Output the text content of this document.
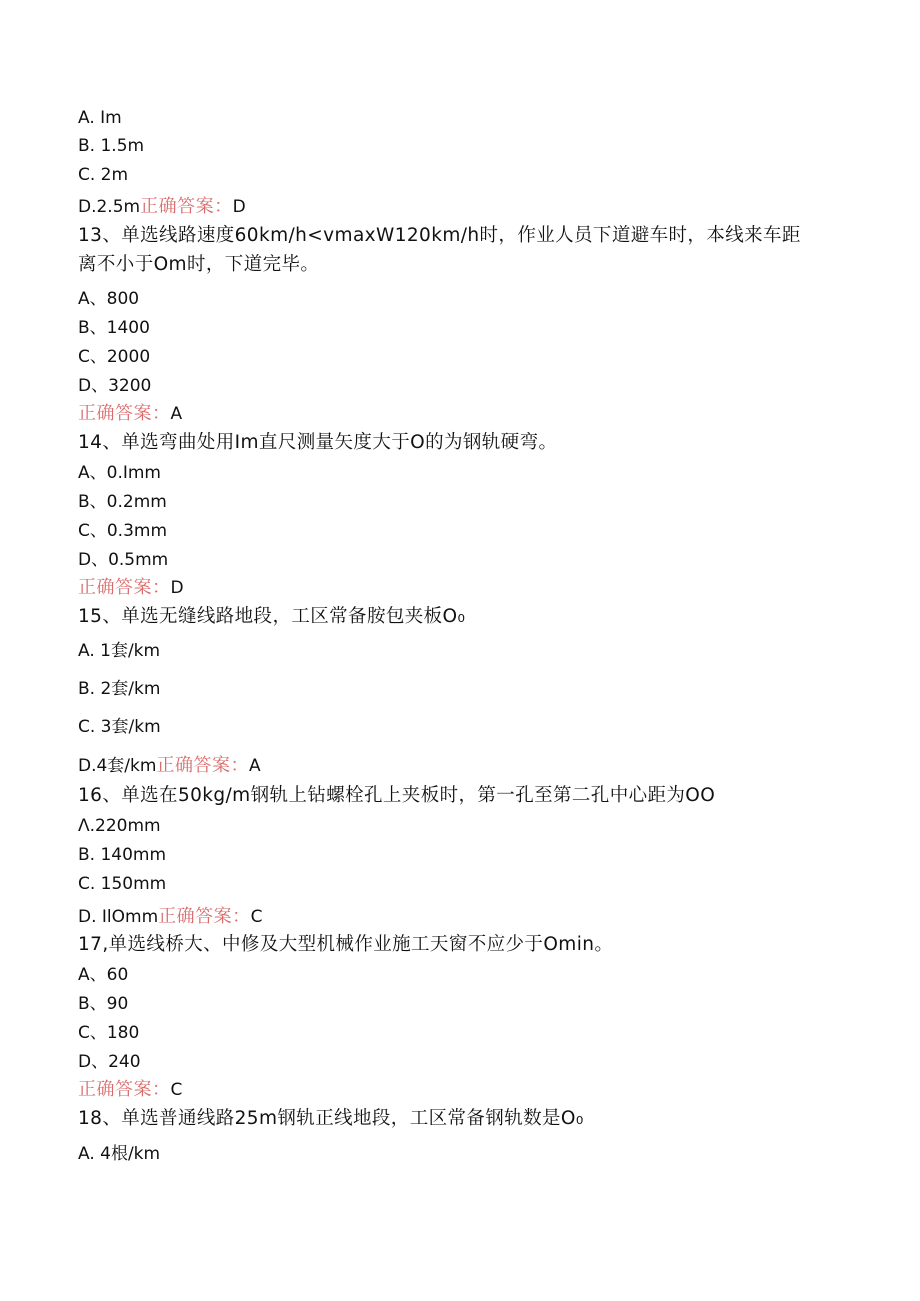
A. Im
B. 1.5m
C. 2m
D.2.5m正确答案：D
13、单选线路速度60km/h<vmaxW120km/h时，作业人员下道避车时，本线来车距
离不小于Om时，下道完毕。
A、800
B、1400
C、2000
D、3200
正确答案：A
14、单选弯曲处用Im直尺测量矢度大于O的为钢轨硬弯。
A、0.Imm
B、0.2mm
C、0.3mm
D、0.5mm
正确答案：D
15、单选无缝线路地段，工区常备胺包夹板O₀
A. 1套/km
B. 2套/km
C. 3套/km
D.4套/km正确答案：A
16、单选在50kg/m钢轨上钻螺栓孔上夹板时，第一孔至第二孔中心距为OO
Λ.220mm
B. 140mm
C. 150mm
D. IlOmm正确答案：C
17,单选线桥大、中修及大型机械作业施工天窗不应少于Omin。
A、60
B、90
C、180
D、240
正确答案：C
18、单选普通线路25m钢轨正线地段，工区常备钢轨数是O₀
A. 4根/km
